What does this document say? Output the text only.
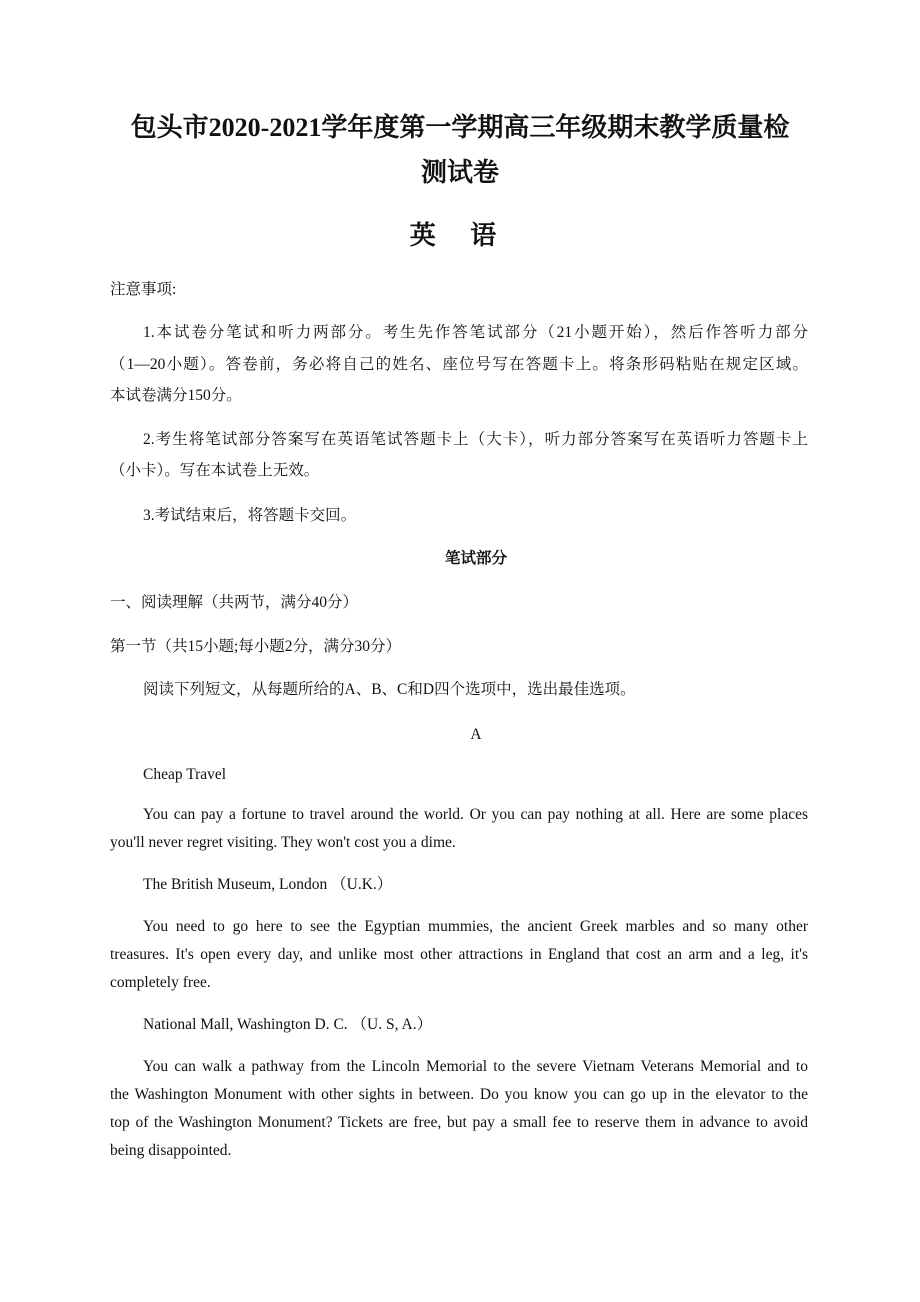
包头市2020-2021学年度第一学期高三年级期末教学质量检
测试卷
英 语
注意事项:
1.本试卷分笔试和听力两部分。考生先作答笔试部分（21小题开始），然后作答听力部分
（1—20小题）。答卷前，务必将自己的姓名、座位号写在答题卡上。将条形码粘贴在规定区域。
本试卷满分150分。
2.考生将笔试部分答案写在英语笔试答题卡上（大卡），听力部分答案写在英语听力答题卡上
（小卡）。写在本试卷上无效。
3.考试结束后，将答题卡交回。
笔试部分
一、阅读理解（共两节，满分40分）
第一节（共15小题;每小题2分，满分30分）
阅读下列短文，从每题所给的A、B、C和D四个选项中，选出最佳选项。
A
Cheap Travel
You can pay a fortune to travel around the world. Or you can pay nothing at all. Here are some places
you'll never regret visiting. They won't cost you a dime.
The British Museum, London （U.K.）
You need to go here to see the Egyptian mummies, the ancient Greek marbles and so many other
treasures. It's open every day, and unlike most other attractions in England that cost an arm and a leg, it's
completely free.
National Mall, Washington D. C. （U. S, A.）
You can walk a pathway from the Lincoln Memorial to the severe Vietnam Veterans Memorial and to
the Washington Monument with other sights in between. Do you know you can go up in the elevator to the
top of the Washington Monument? Tickets are free, but pay a small fee to reserve them in advance to avoid
being disappointed.
